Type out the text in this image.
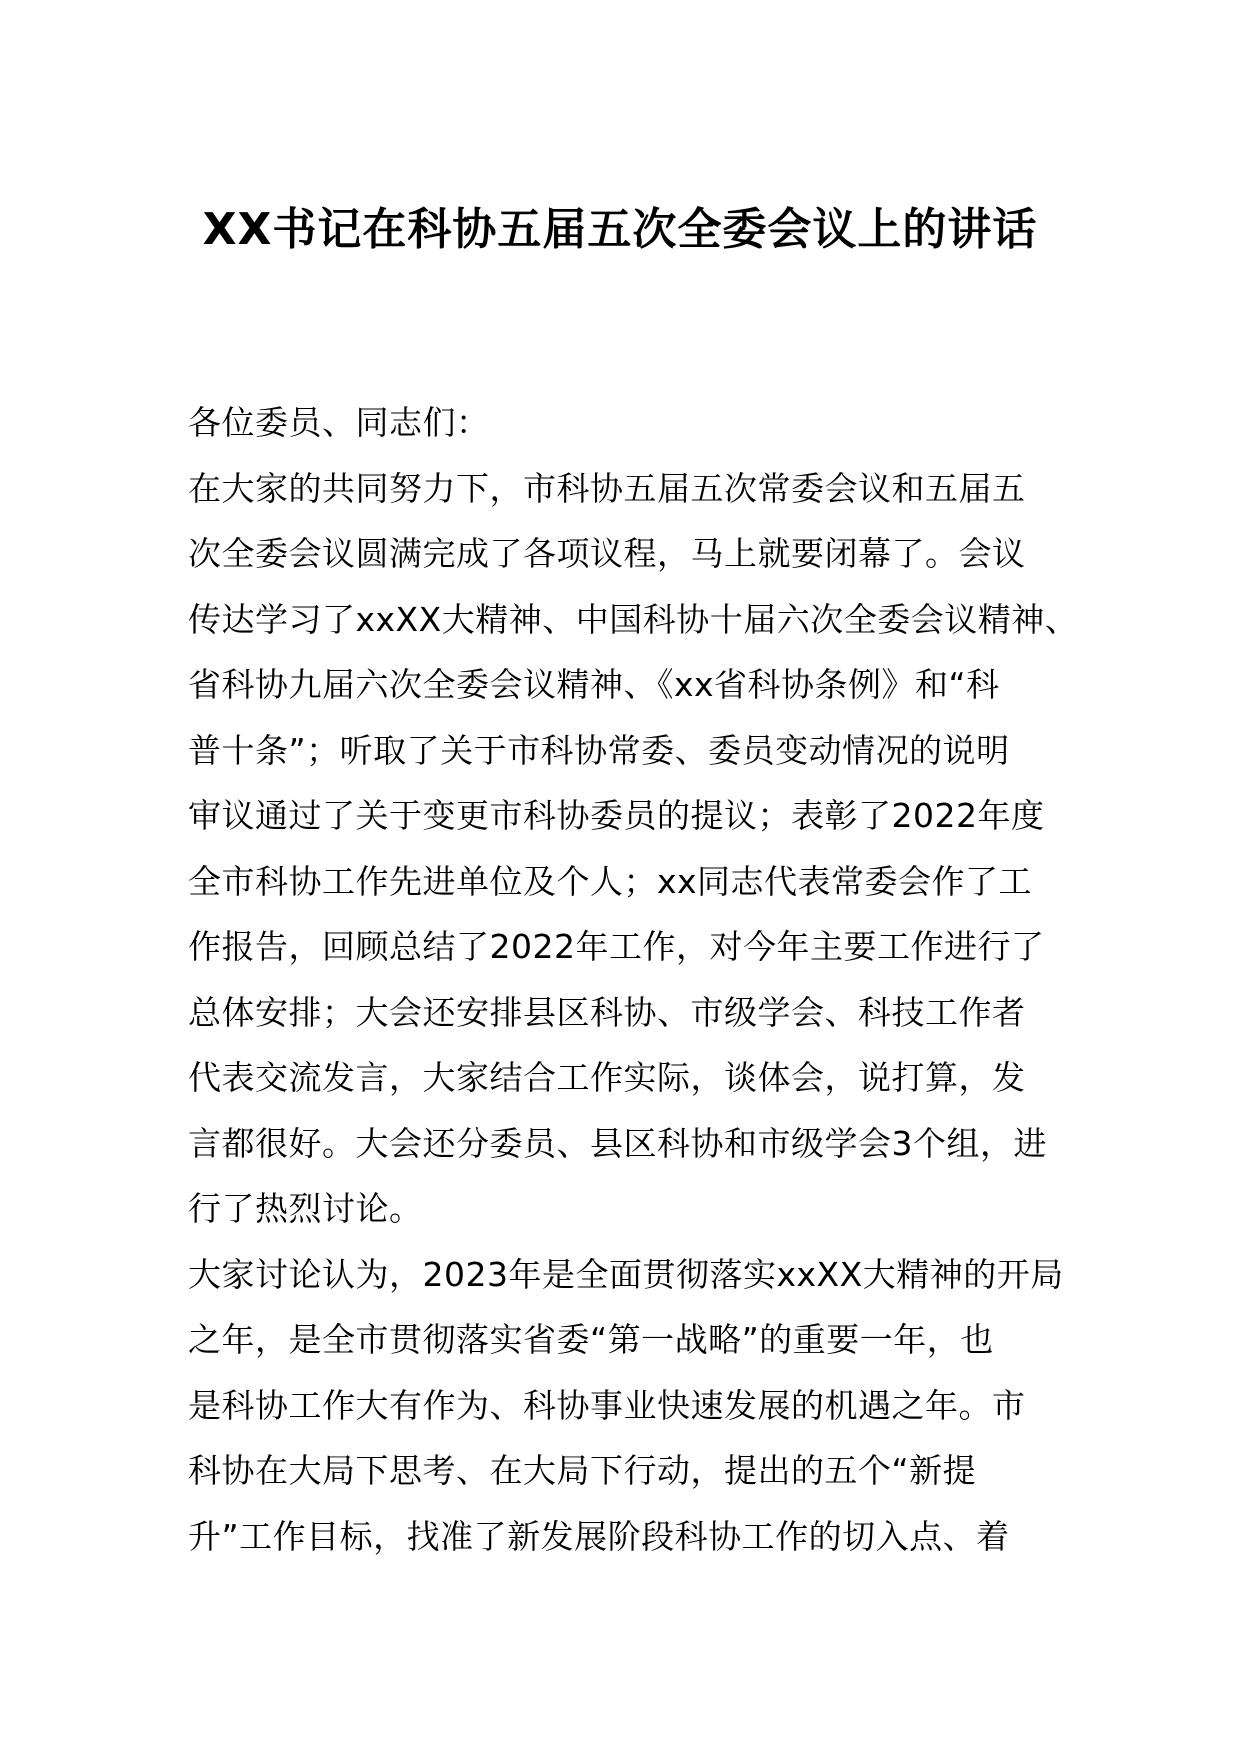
XX书记在科协五届五次全委会议上的讲话
各位委员、同志们：
在大家的共同努力下，市科协五届五次常委会议和五届五
次全委会议圆满完成了各项议程，马上就要闭幕了。会议
传达学习了xxXX大精神、中国科协十届六次全委会议精神、
省科协九届六次全委会议精神、《xx省科协条例》和“科
普十条”；听取了关于市科协常委、委员变动情况的说明
审议通过了关于变更市科协委员的提议；表彰了2022年度
全市科协工作先进单位及个人；xx同志代表常委会作了工
作报告，回顾总结了2022年工作，对今年主要工作进行了
总体安排；大会还安排县区科协、市级学会、科技工作者
代表交流发言，大家结合工作实际，谈体会，说打算，发
言都很好。大会还分委员、县区科协和市级学会3个组，进
行了热烈讨论。
大家讨论认为，2023年是全面贯彻落实xxXX大精神的开局
之年，是全市贯彻落实省委“第一战略”的重要一年，也
是科协工作大有作为、科协事业快速发展的机遇之年。市
科协在大局下思考、在大局下行动，提出的五个“新提
升”工作目标，找准了新发展阶段科协工作的切入点、着
